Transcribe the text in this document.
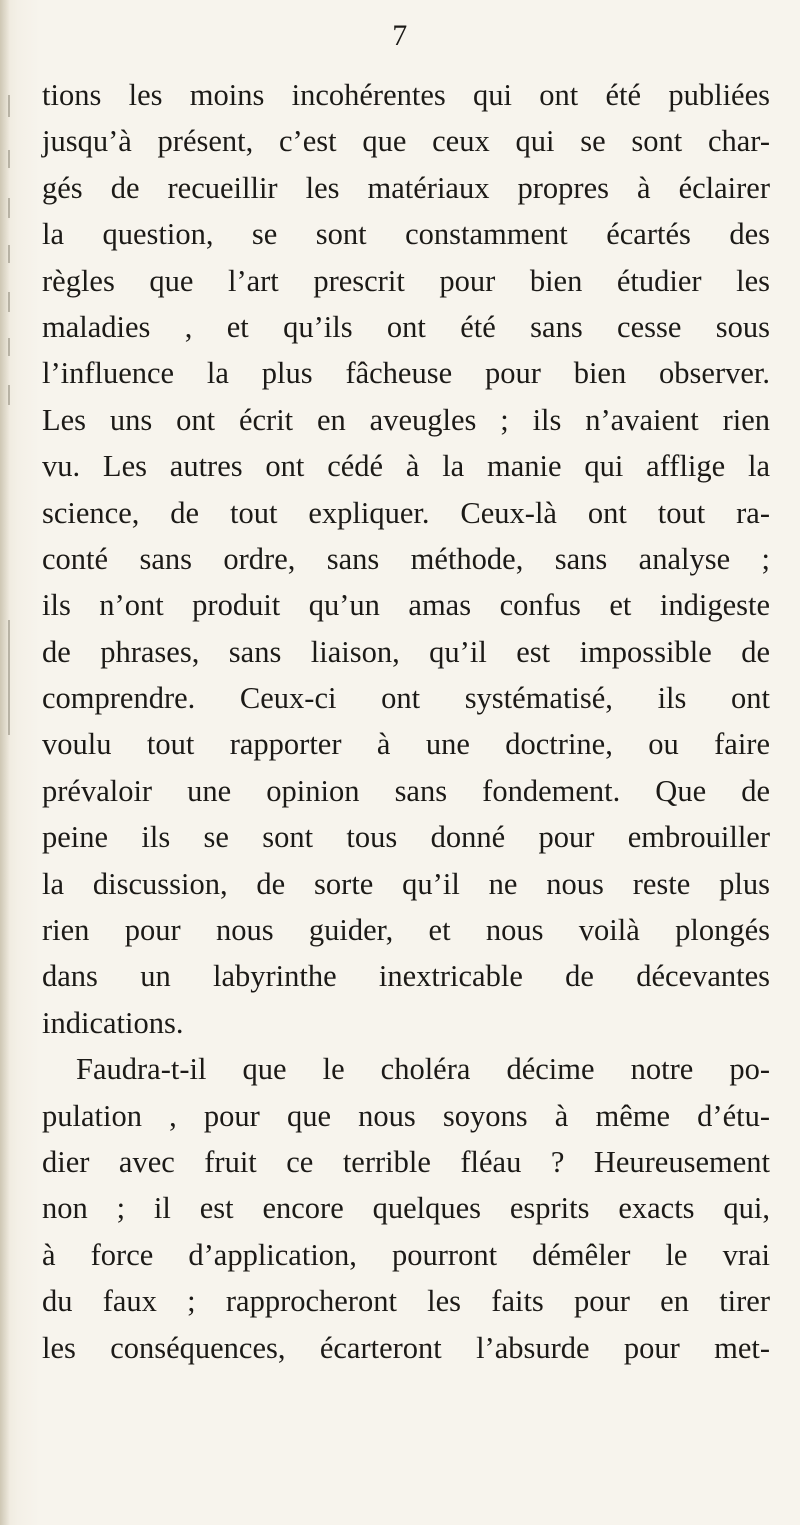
7
tions les moins incohérentes qui ont été publiées
jusqu’à présent, c’est que ceux qui se sont char-
gés de recueillir les matériaux propres à éclairer
la question, se sont constamment écartés des
règles que l’art prescrit pour bien étudier les
maladies , et qu’ils ont été sans cesse sous
l’influence la plus fâcheuse pour bien observer.
Les uns ont écrit en aveugles ; ils n’avaient rien
vu. Les autres ont cédé à la manie qui afflige la
science, de tout expliquer. Ceux-là ont tout ra-
conté sans ordre, sans méthode, sans analyse ;
ils n’ont produit qu’un amas confus et indigeste
de phrases, sans liaison, qu’il est impossible de
comprendre. Ceux-ci ont systématisé, ils ont
voulu tout rapporter à une doctrine, ou faire
prévaloir une opinion sans fondement. Que de
peine ils se sont tous donné pour embrouiller
la discussion, de sorte qu’il ne nous reste plus
rien pour nous guider, et nous voilà plongés
dans un labyrinthe inextricable de décevantes
indications.
Faudra-t-il que le choléra décime notre po-
pulation , pour que nous soyons à même d’étu-
dier avec fruit ce terrible fléau ? Heureusement
non ; il est encore quelques esprits exacts qui,
à force d’application, pourront démêler le vrai
du faux ; rapprocheront les faits pour en tirer
les conséquences, écarteront l’absurde pour met-
